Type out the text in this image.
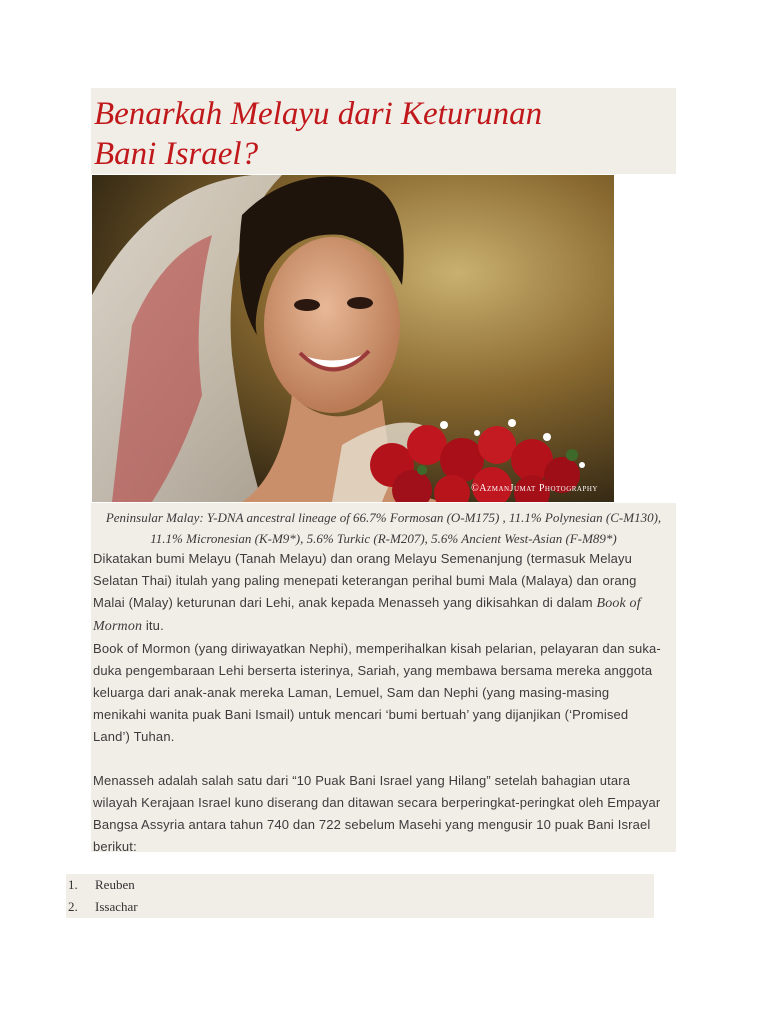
Benarkah Melayu dari Keturunan
Bani Israel?
©AzmanJumat Photography

Peninsular Malay: Y-DNA ancestral lineage of 66.7% Formosan (O-M175) , 11.1% Polynesian (C-M130),
11.1% Micronesian (K-M9*), 5.6% Turkic (R-M207), 5.6% Ancient West-Asian (F-M89*)

Dikatakan bumi Melayu (Tanah Melayu) dan orang Melayu Semenanjung (termasuk Melayu Selatan Thai) itulah yang paling menepati keterangan perihal bumi Mala (Malaya) dan orang Malai (Malay) keturunan dari Lehi, anak kepada Menasseh yang dikisahkan di dalam Book of Mormon itu.

Book of Mormon (yang diriwayatkan Nephi), memperihalkan kisah pelarian, pelayaran dan suka-duka pengembaraan Lehi berserta isterinya, Sariah, yang membawa bersama mereka anggota keluarga dari anak-anak mereka Laman, Lemuel, Sam dan Nephi (yang masing-masing menikahi wanita puak Bani Ismail) untuk mencari ‘bumi bertuah’ yang dijanjikan (‘Promised Land’) Tuhan.

Menasseh adalah salah satu dari “10 Puak Bani Israel yang Hilang” setelah bahagian utara wilayah Kerajaan Israel kuno diserang dan ditawan secara berperingkat-peringkat oleh Empayar Bangsa Assyria antara tahun 740 dan 722 sebelum Masehi yang mengusir 10 puak Bani Israel berikut:

1.	Reuben
2.	Issachar
